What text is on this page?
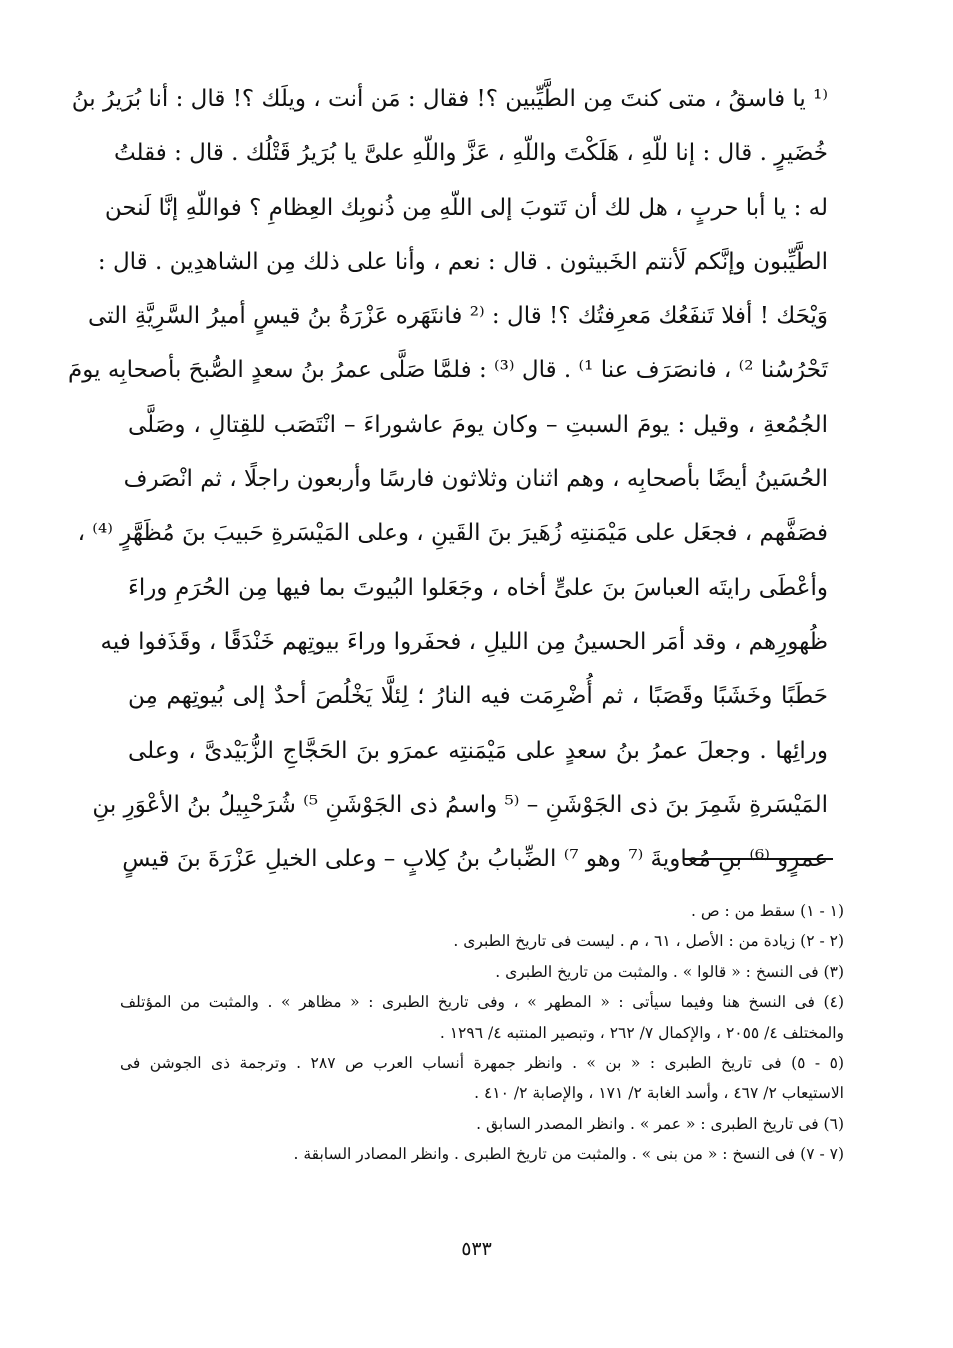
⁽¹ يا فاسقُ ، متى كنتَ مِن الطَّيِّبين ؟! فقال : مَن أنت ، ويلَك ؟! قال : أنا بُرَيرُ بنُ
خُضَيرٍ . قال : إنا للّهِ ، هَلَكْتَ واللّهِ ، عَزَّ واللّهِ علىَّ يا بُرَيرُ قَتْلُك . قال : فقلتُ
له : يا أبا حربٍ ، هل لك أن تَتوبَ إلى اللّهِ مِن ذُنوبِك العِظامِ ؟ فواللّهِ إنَّا لَنحن
الطَّيِّبون وإنَّكم لَأنتم الخَبيثون . قال : نعم ، وأنا على ذلك مِن الشاهدِين . قال :
وَيْحَك ! أفلا تَنفَعُك مَعرِفتُك ؟! قال : ⁽² فانتَهَره عَزْرَةُ بنُ قيسٍ أميرُ السَّرِيَّةِ التى
تَحْرُسُنا ²⁾ ، فانصَرَف عنا ¹⁾ . قال ⁽³⁾ : فلمَّا صَلَّى عمرُ بنُ سعدٍ الصُّبحَ بأصحابِه يومَ
الجُمُعةِ ، وقيل : يومَ السبتِ – وكان يومَ عاشوراءَ – انْتَصَب للقِتالِ ، وصَلَّى
الحُسَينُ أيضًا بأصحابِه ، وهم اثنان وثلاثون فارسًا وأربعون راجلًا ، ثم انْصَرف
فصَفَّهم ، فجعَل على مَيْمَنتِه زُهَيرَ بنَ القَينِ ، وعلى المَيْسَرةِ حَبيبَ بنَ مُظَهَّرٍ ⁽⁴⁾ ،
وأعْطَى رايتَه العباسَ بنَ علىٍّ أخاه ، وجَعَلوا البُيوتَ بما فيها مِن الحُرَمِ وراءَ
ظُهورِهم ، وقد أمَر الحسينُ مِن الليلِ ، فحفَروا وراءَ بيوتِهم خَنْدَقًا ، وقَذَفوا فيه
حَطَبًا وخَشَبًا وقَصَبًا ، ثم أُضْرِمَت فيه النارُ ؛ لِئلَّا يَخْلُصَ أحدٌ إلى بُيوتِهم مِن
ورائِها . وجعلَ عمرُ بنُ سعدٍ على مَيْمَنتِه عمرَو بنَ الحَجَّاجِ الزُّبَيْدىَّ ، وعلى
المَيْسَرةِ شَمِرَ بنَ ذى الجَوْشَنِ – ⁽⁵ واسمُ ذى الجَوْشَنِ ⁵⁾ شُرَحْبِيلُ بنُ الأعْوَرِ بنِ
عمرٍو ⁽⁶⁾ بنِ مُعاويةَ ⁽⁷ وهو ⁷⁾ الضِّبابُ بنُ كِلابٍ – وعلى الخيلِ عَزْرَةَ بنَ قيسٍ
(١ - ١) سقط من : ص .
(٢ - ٢) زيادة من : الأصل ، ٦١ ، م . ليست فى تاريخ الطبرى .
(٣) فى النسخ : « قالوا » . والمثبت من تاريخ الطبرى .
(٤) فى النسخ هنا وفيما سيأتى : « المطهر » ، وفى تاريخ الطبرى : « مظاهر » . والمثبت من المؤتلف
والمختلف ٤/ ٢٠٥٥ ، والإكمال ٧/ ٢٦٢ ، وتبصير المنتبه ٤/ ١٢٩٦ .
(٥ - ٥) فى تاريخ الطبرى : « بن » . وانظر جمهرة أنساب العرب ص ٢٨٧ . وترجمة ذى الجوشن فى
الاستيعاب ٢/ ٤٦٧ ، وأسد الغابة ٢/ ١٧١ ، والإصابة ٢/ ٤١٠ .
(٦) فى تاريخ الطبرى : « عمر » . وانظر المصدر السابق .
(٧ - ٧) فى النسخ : « من بنى » . والمثبت من تاريخ الطبرى . وانظر المصادر السابقة .
٥٣٣
